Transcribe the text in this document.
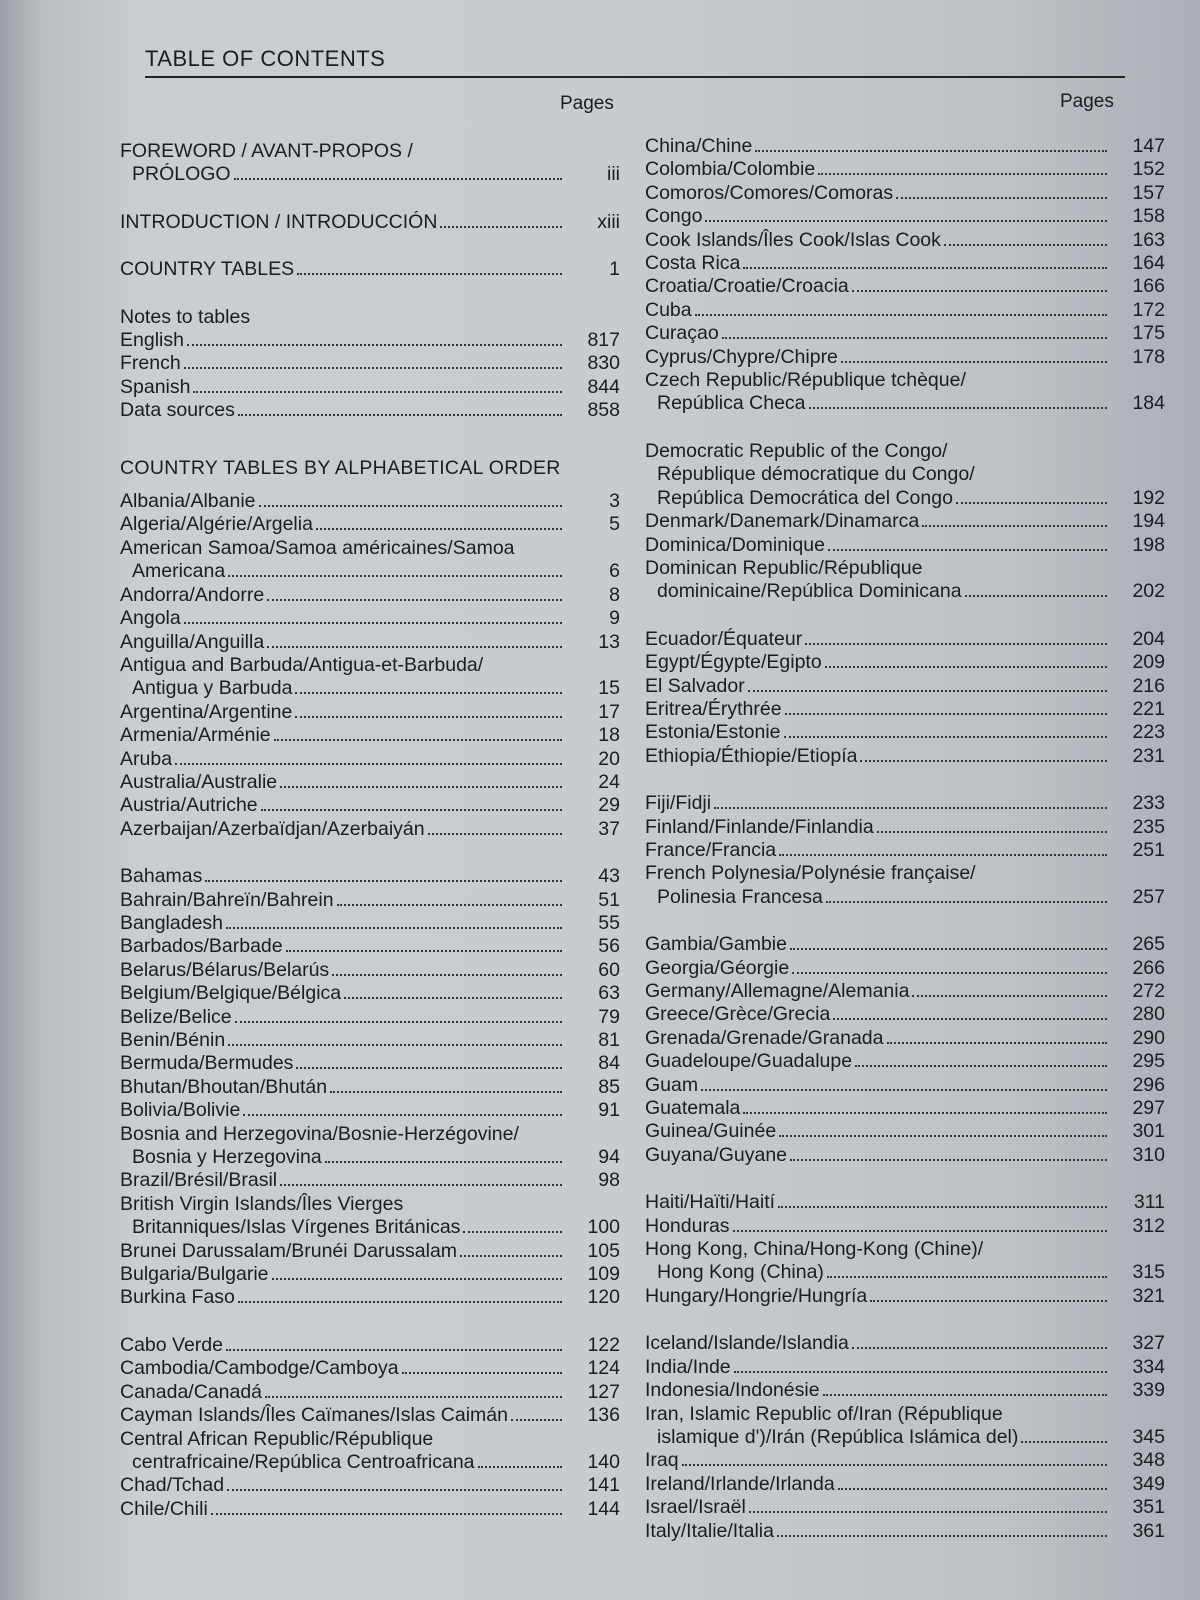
TABLE OF CONTENTS
Pages	Pages
FOREWORD / AVANT-PROPOS /
PRÓLOGO	iii
INTRODUCTION / INTRODUCCIÓN	xiii
COUNTRY TABLES	1
Notes to tables
English	817
French	830
Spanish	844
Data sources	858
COUNTRY TABLES BY ALPHABETICAL ORDER
Albania/Albanie	3
Algeria/Algérie/Argelia	5
American Samoa/Samoa américaines/Samoa
Americana	6
Andorra/Andorre	8
Angola	9
Anguilla/Anguilla	13
Antigua and Barbuda/Antigua-et-Barbuda/
Antigua y Barbuda	15
Argentina/Argentine	17
Armenia/Arménie	18
Aruba	20
Australia/Australie	24
Austria/Autriche	29
Azerbaijan/Azerbaïdjan/Azerbaiyán	37
Bahamas	43
Bahrain/Bahreïn/Bahrein	51
Bangladesh	55
Barbados/Barbade	56
Belarus/Bélarus/Belarús	60
Belgium/Belgique/Bélgica	63
Belize/Belice	79
Benin/Bénin	81
Bermuda/Bermudes	84
Bhutan/Bhoutan/Bhután	85
Bolivia/Bolivie	91
Bosnia and Herzegovina/Bosnie-Herzégovine/
Bosnia y Herzegovina	94
Brazil/Brésil/Brasil	98
British Virgin Islands/Îles Vierges
Britanniques/Islas Vírgenes Británicas	100
Brunei Darussalam/Brunéi Darussalam	105
Bulgaria/Bulgarie	109
Burkina Faso	120
Cabo Verde	122
Cambodia/Cambodge/Camboya	124
Canada/Canadá	127
Cayman Islands/Îles Caïmanes/Islas Caimán	136
Central African Republic/République
centrafricaine/República Centroafricana	140
Chad/Tchad	141
Chile/Chili	144
China/Chine	147
Colombia/Colombie	152
Comoros/Comores/Comoras	157
Congo	158
Cook Islands/Îles Cook/Islas Cook	163
Costa Rica	164
Croatia/Croatie/Croacia	166
Cuba	172
Curaçao	175
Cyprus/Chypre/Chipre	178
Czech Republic/République tchèque/
República Checa	184
Democratic Republic of the Congo/
République démocratique du Congo/
República Democrática del Congo	192
Denmark/Danemark/Dinamarca	194
Dominica/Dominique	198
Dominican Republic/République
dominicaine/República Dominicana	202
Ecuador/Équateur	204
Egypt/Égypte/Egipto	209
El Salvador	216
Eritrea/Érythrée	221
Estonia/Estonie	223
Ethiopia/Éthiopie/Etiopía	231
Fiji/Fidji	233
Finland/Finlande/Finlandia	235
France/Francia	251
French Polynesia/Polynésie française/
Polinesia Francesa	257
Gambia/Gambie	265
Georgia/Géorgie	266
Germany/Allemagne/Alemania	272
Greece/Grèce/Grecia	280
Grenada/Grenade/Granada	290
Guadeloupe/Guadalupe	295
Guam	296
Guatemala	297
Guinea/Guinée	301
Guyana/Guyane	310
Haiti/Haïti/Haití	311
Honduras	312
Hong Kong, China/Hong-Kong (Chine)/
Hong Kong (China)	315
Hungary/Hongrie/Hungría	321
Iceland/Islande/Islandia	327
India/Inde	334
Indonesia/Indonésie	339
Iran, Islamic Republic of/Iran (République
islamique d')/Irán (República Islámica del)	345
Iraq	348
Ireland/Irlande/Irlanda	349
Israel/Israël	351
Italy/Italie/Italia	361
